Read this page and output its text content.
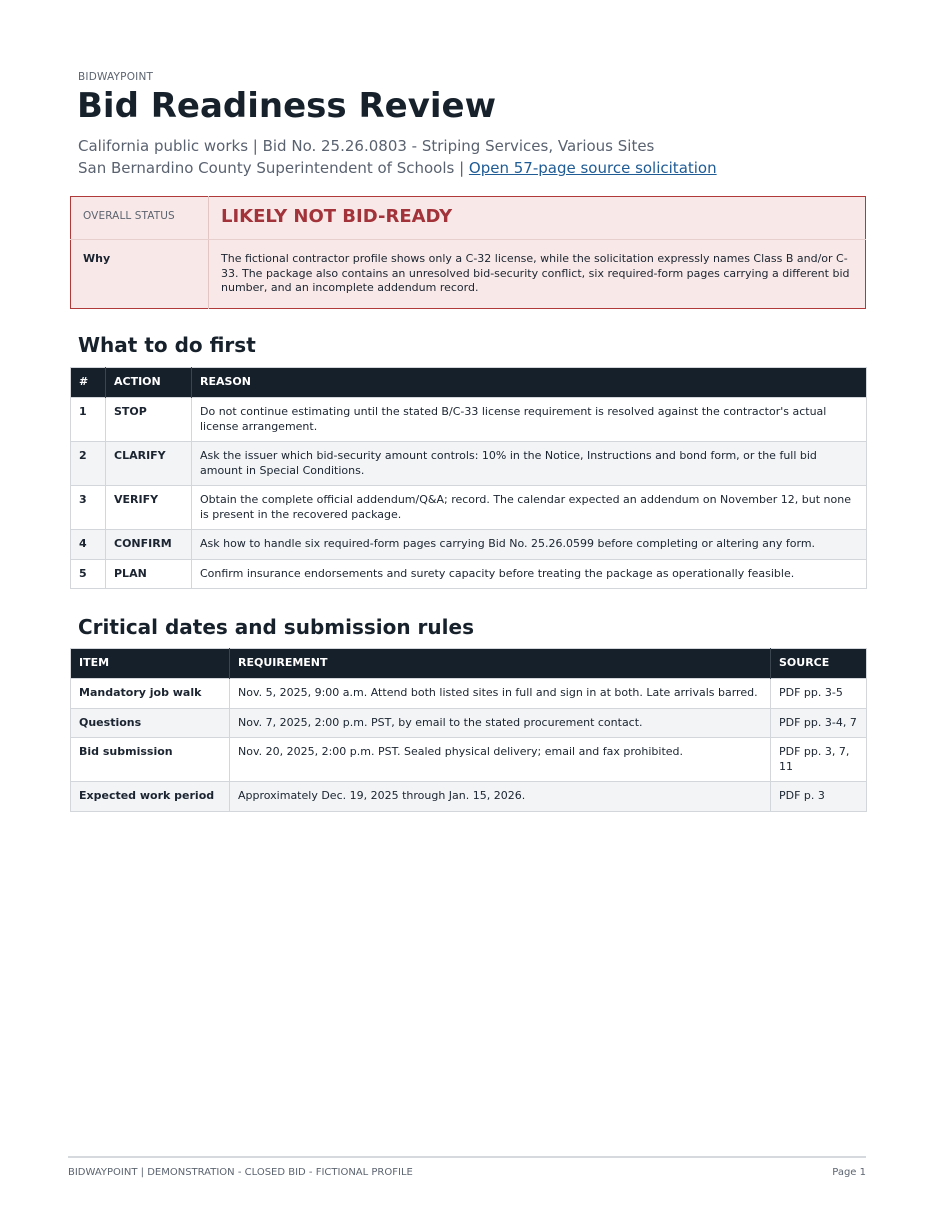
BIDWAYPOINT
Bid Readiness Review
California public works | Bid No. 25.26.0803 - Striping Services, Various Sites
San Bernardino County Superintendent of Schools | Open 57-page source solicitation
OVERALL STATUS	LIKELY NOT BID-READY

Why	The fictional contractor profile shows only a C-32 license, while the solicitation expressly names Class B and/or C-33. The package also contains an unresolved bid-security conflict, six required-form pages carrying a different bid number, and an incomplete addendum record.
What to do first
#	ACTION	REASON
1	STOP	Do not continue estimating until the stated B/C-33 license requirement is resolved against the contractor's actual license arrangement.
2	CLARIFY	Ask the issuer which bid-security amount controls: 10% in the Notice, Instructions and bond form, or the full bid amount in Special Conditions.
3	VERIFY	Obtain the complete official addendum/Q&A; record. The calendar expected an addendum on November 12, but none is present in the recovered package.
4	CONFIRM	Ask how to handle six required-form pages carrying Bid No. 25.26.0599 before completing or altering any form.
5	PLAN	Confirm insurance endorsements and surety capacity before treating the package as operationally feasible.
Critical dates and submission rules
ITEM	REQUIREMENT	SOURCE
Mandatory job walk	Nov. 5, 2025, 9:00 a.m. Attend both listed sites in full and sign in at both. Late arrivals barred.	PDF pp. 3-5
Questions	Nov. 7, 2025, 2:00 p.m. PST, by email to the stated procurement contact.	PDF pp. 3-4, 7
Bid submission	Nov. 20, 2025, 2:00 p.m. PST. Sealed physical delivery; email and fax prohibited.	PDF pp. 3, 7, 11
Expected work period	Approximately Dec. 19, 2025 through Jan. 15, 2026.	PDF p. 3
BIDWAYPOINT | DEMONSTRATION - CLOSED BID - FICTIONAL PROFILE	Page 1
